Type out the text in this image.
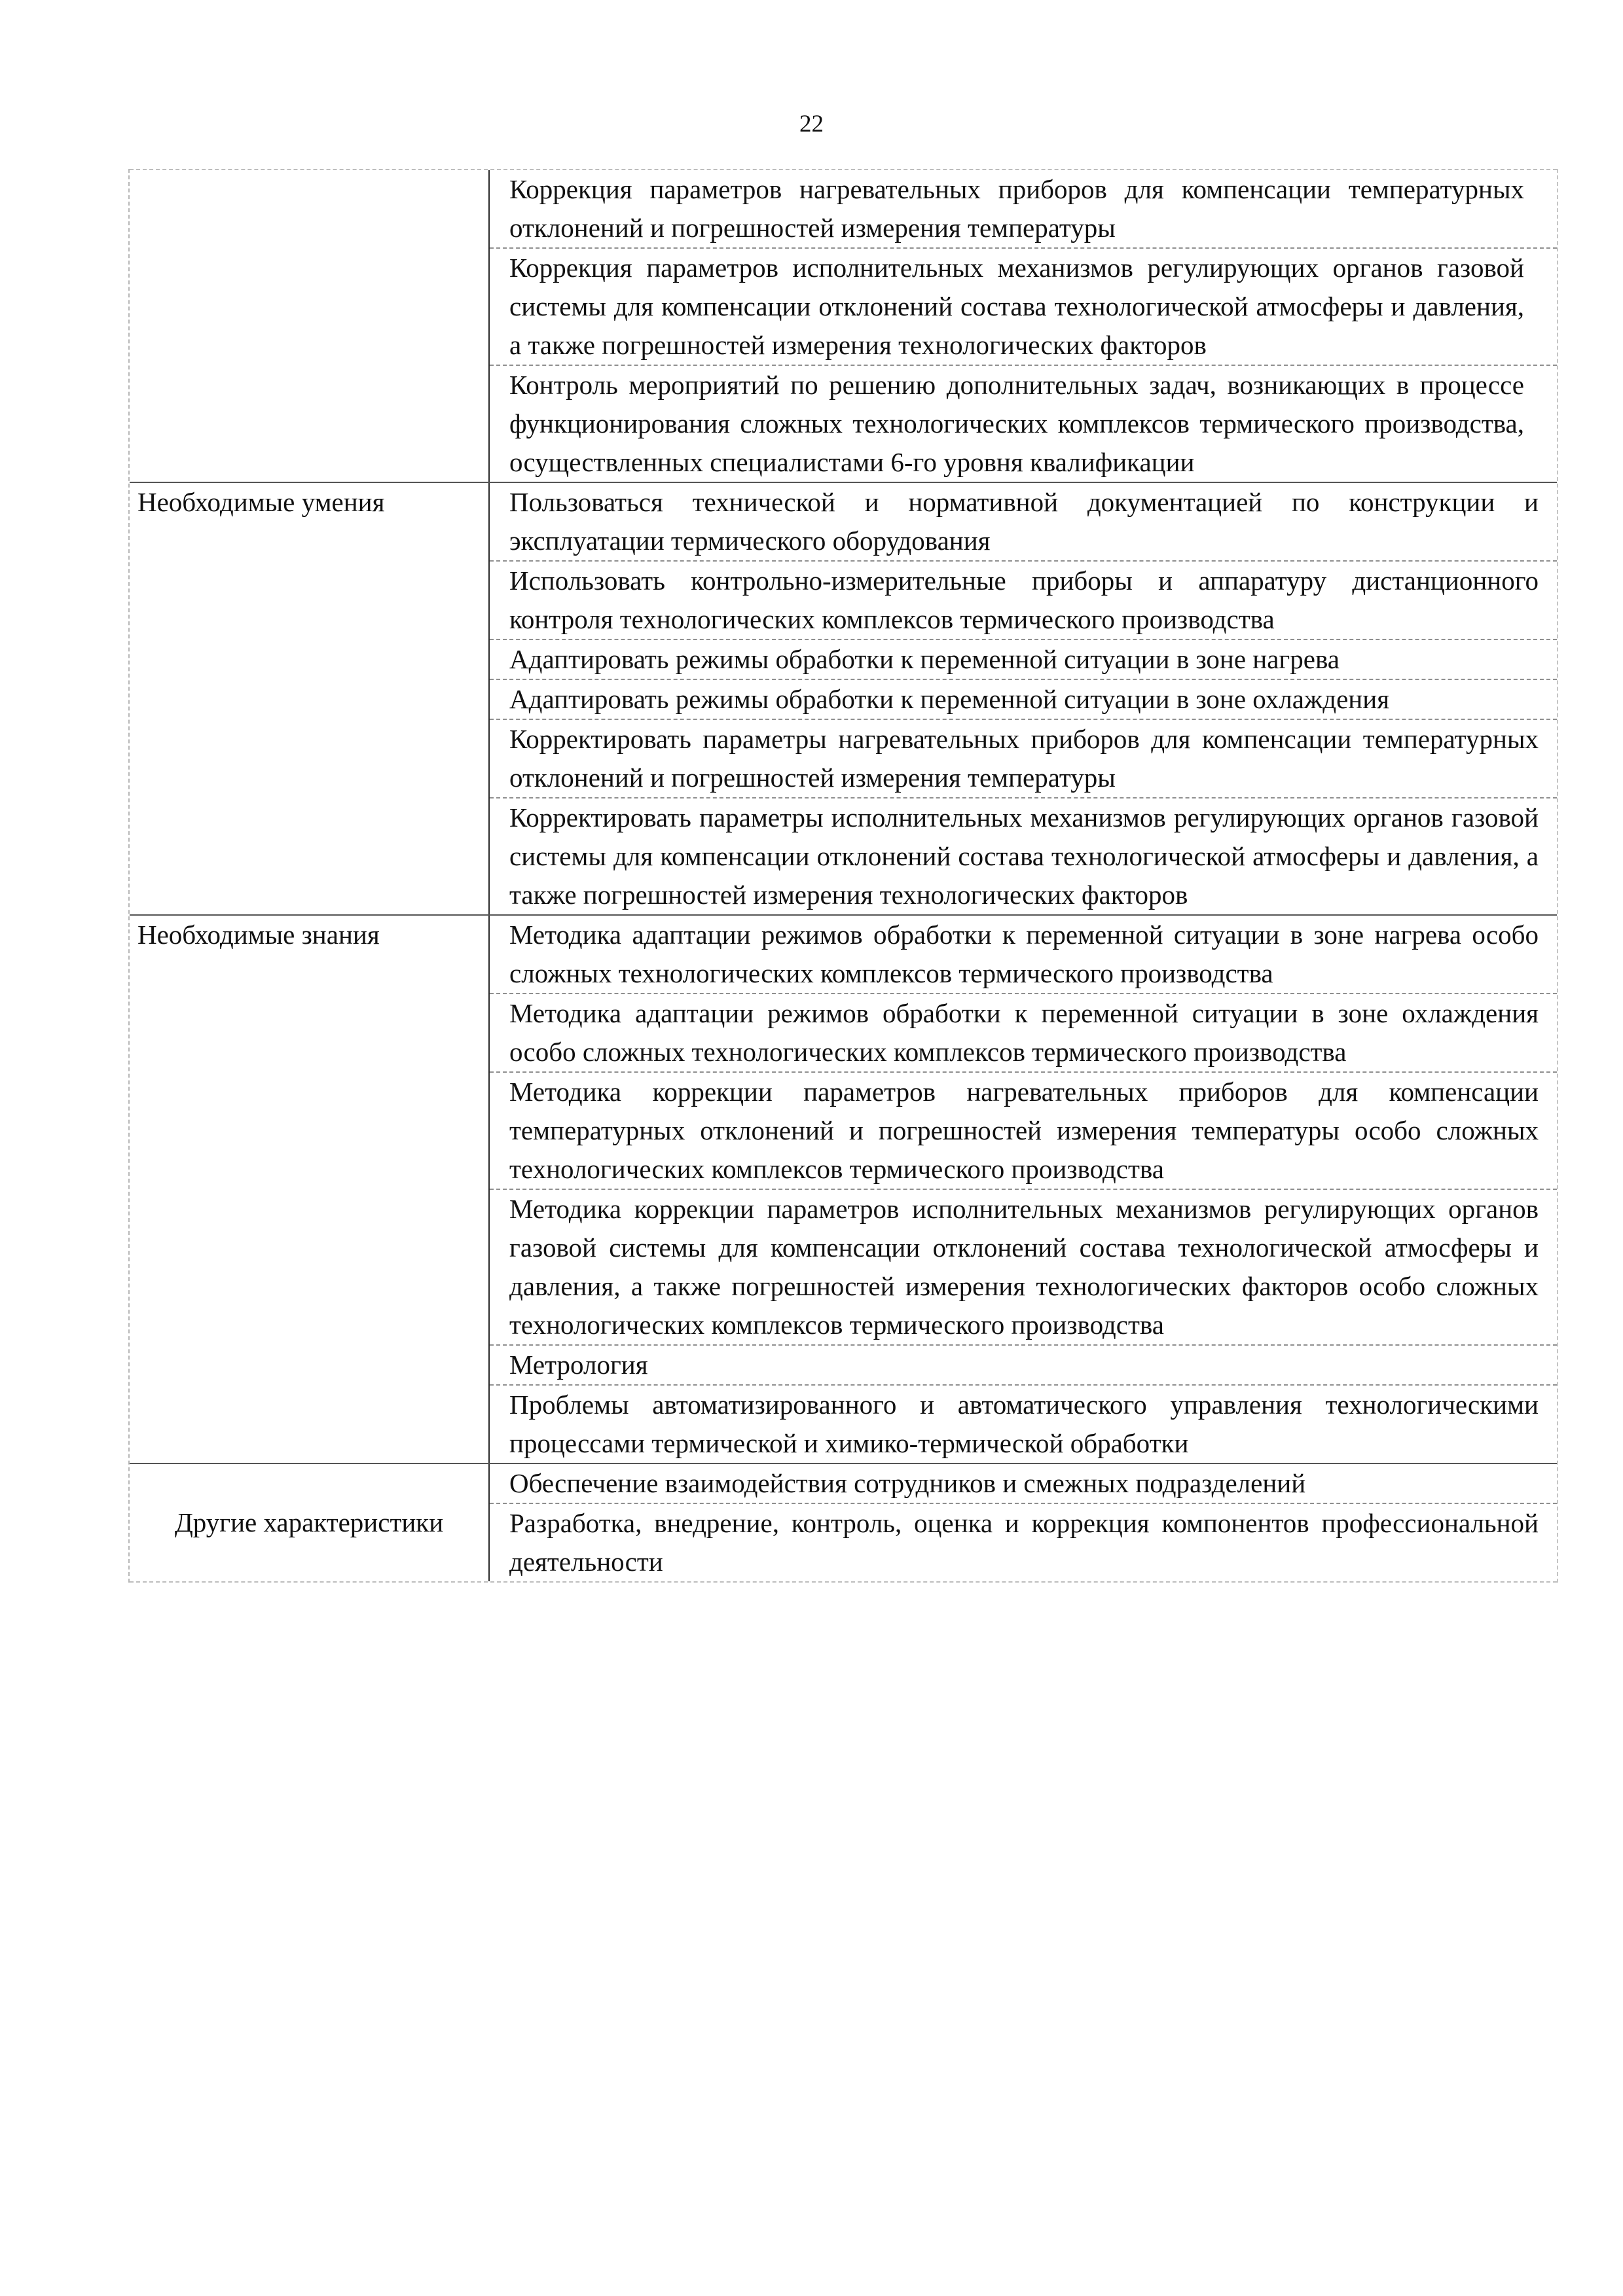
22
Коррекция параметров нагревательных приборов для компенсации температурных отклонений и погрешностей измерения температуры
Коррекция параметров исполнительных механизмов регулирующих органов газовой системы для компенсации отклонений состава технологической атмосферы и давления, а также погрешностей измерения технологических факторов
Контроль мероприятий по решению дополнительных задач, возникающих в процессе функционирования сложных технологических комплексов термического производства, осуществленных специалистами 6-го уровня квалификации
Необходимые умения	Пользоваться технической и нормативной документацией по конструкции и эксплуатации термического оборудования
Использовать контрольно-измерительные приборы и аппаратуру дистанционного контроля технологических комплексов термического производства
Адаптировать режимы обработки к переменной ситуации в зоне нагрева
Адаптировать режимы обработки к переменной ситуации в зоне охлаждения
Корректировать параметры нагревательных приборов для компенсации температурных отклонений и погрешностей измерения температуры
Корректировать параметры исполнительных механизмов регулирующих органов газовой системы для компенсации отклонений состава технологической атмосферы и давления, а также погрешностей измерения технологических факторов
Необходимые знания	Методика адаптации режимов обработки к переменной ситуации в зоне нагрева особо сложных технологических комплексов термического производства
Методика адаптации режимов обработки к переменной ситуации в зоне охлаждения особо сложных технологических комплексов термического производства
Методика коррекции параметров нагревательных приборов для компенсации температурных отклонений и погрешностей измерения температуры особо сложных технологических комплексов термического производства
Методика коррекции параметров исполнительных механизмов регулирующих органов газовой системы для компенсации отклонений состава технологической атмосферы и давления, а также погрешностей измерения технологических факторов особо сложных технологических комплексов термического производства
Метрология
Проблемы автоматизированного и автоматического управления технологическими процессами термической и химико-термической обработки
Другие характеристики
Обеспечение взаимодействия сотрудников и смежных подразделений
Разработка, внедрение, контроль, оценка и коррекция компонентов профессиональной деятельности
